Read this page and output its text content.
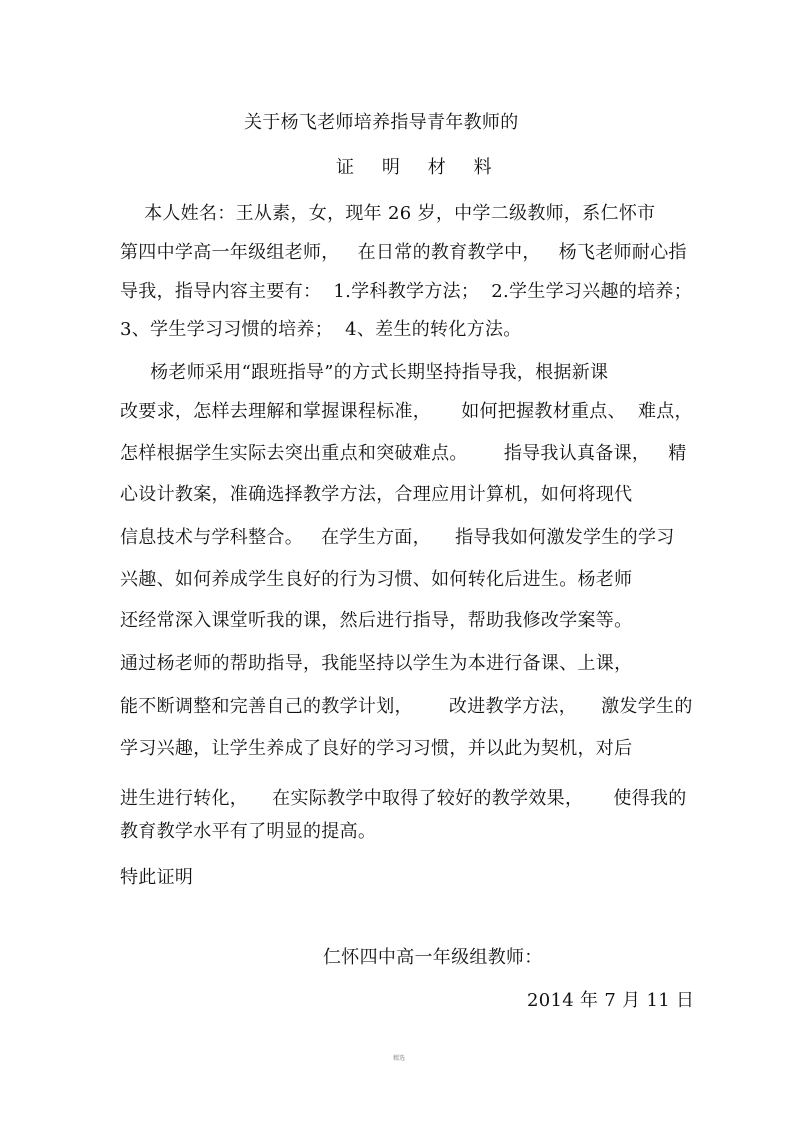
关于杨飞老师培养指导青年教师的
证    明    材    料
本人姓名：王从素，女，现年 26 岁，中学二级教师，系仁怀市
第四中学高一年级组老师，   在日常的教育教学中，   杨飞老师耐心指
导我，指导内容主要有：  1.学科教学方法；  2.学生学习兴趣的培养；
3、学生学习习惯的培养；  4、差生的转化方法。
杨老师采用“跟班指导”的方式长期坚持指导我，根据新课
改要求，怎样去理解和掌握课程标准，     如何把握教材重点、  难点，
怎样根据学生实际去突出重点和突破难点。      指导我认真备课，   精
心设计教案，准确选择教学方法，合理应用计算机，如何将现代
信息技术与学科整合。   在学生方面，    指导我如何激发学生的学习
兴趣、如何养成学生良好的行为习惯、如何转化后进生。杨老师
还经常深入课堂听我的课，然后进行指导，帮助我修改学案等。
通过杨老师的帮助指导，我能坚持以学生为本进行备课、上课，
能不断调整和完善自己的教学计划，      改进教学方法，    激发学生的
学习兴趣，让学生养成了良好的学习习惯，并以此为契机，对后
进生进行转化，    在实际教学中取得了较好的教学效果，     使得我的
教育教学水平有了明显的提高。
特此证明
仁怀四中高一年级组教师：
2014 年 7 月 11 日
精选
